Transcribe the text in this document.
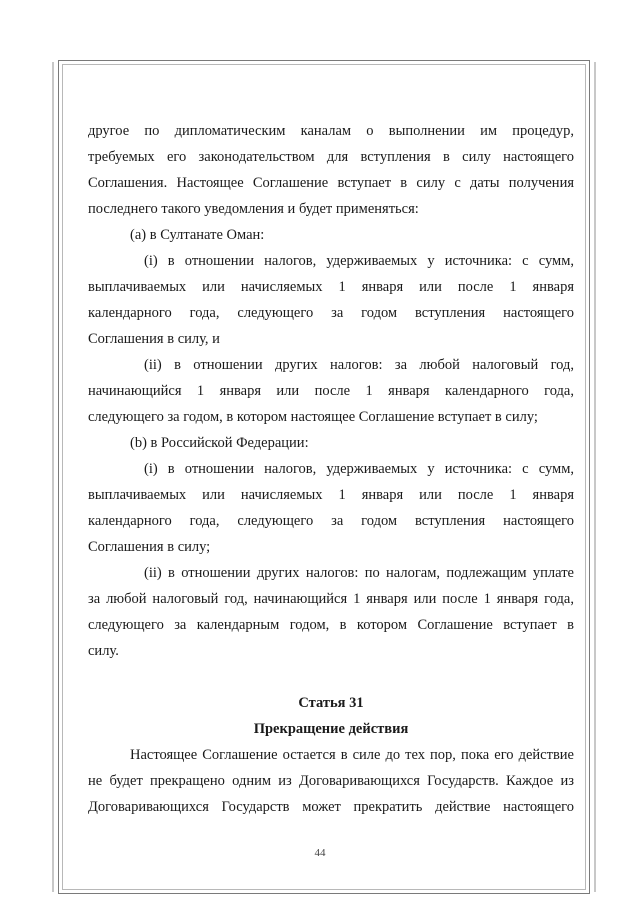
другое по дипломатическим каналам о выполнении им процедур,
требуемых его законодательством для вступления в силу настоящего
Соглашения. Настоящее Соглашение вступает в силу с даты получения
последнего такого уведомления и будет применяться:
(a) в Султанате Оман:
(i) в отношении налогов, удерживаемых у источника: с сумм,
выплачиваемых или начисляемых 1 января или после 1 января
календарного года, следующего за годом вступления настоящего
Соглашения в силу, и
(ii) в отношении других налогов: за любой налоговый год,
начинающийся 1 января или после 1 января календарного года,
следующего за годом, в котором настоящее Соглашение вступает в силу;
(b) в Российской Федерации:
(i) в отношении налогов, удерживаемых у источника: с сумм,
выплачиваемых или начисляемых 1 января или после 1 января
календарного года, следующего за годом вступления настоящего
Соглашения в силу;
(ii) в отношении других налогов: по налогам, подлежащим уплате
за любой налоговый год, начинающийся 1 января или после 1 января года,
следующего за календарным годом, в котором Соглашение вступает в
силу.
Статья 31
Прекращение действия
Настоящее Соглашение остается в силе до тех пор, пока его действие
не будет прекращено одним из Договаривающихся Государств. Каждое из
Договаривающихся Государств может прекратить действие настоящего
44
